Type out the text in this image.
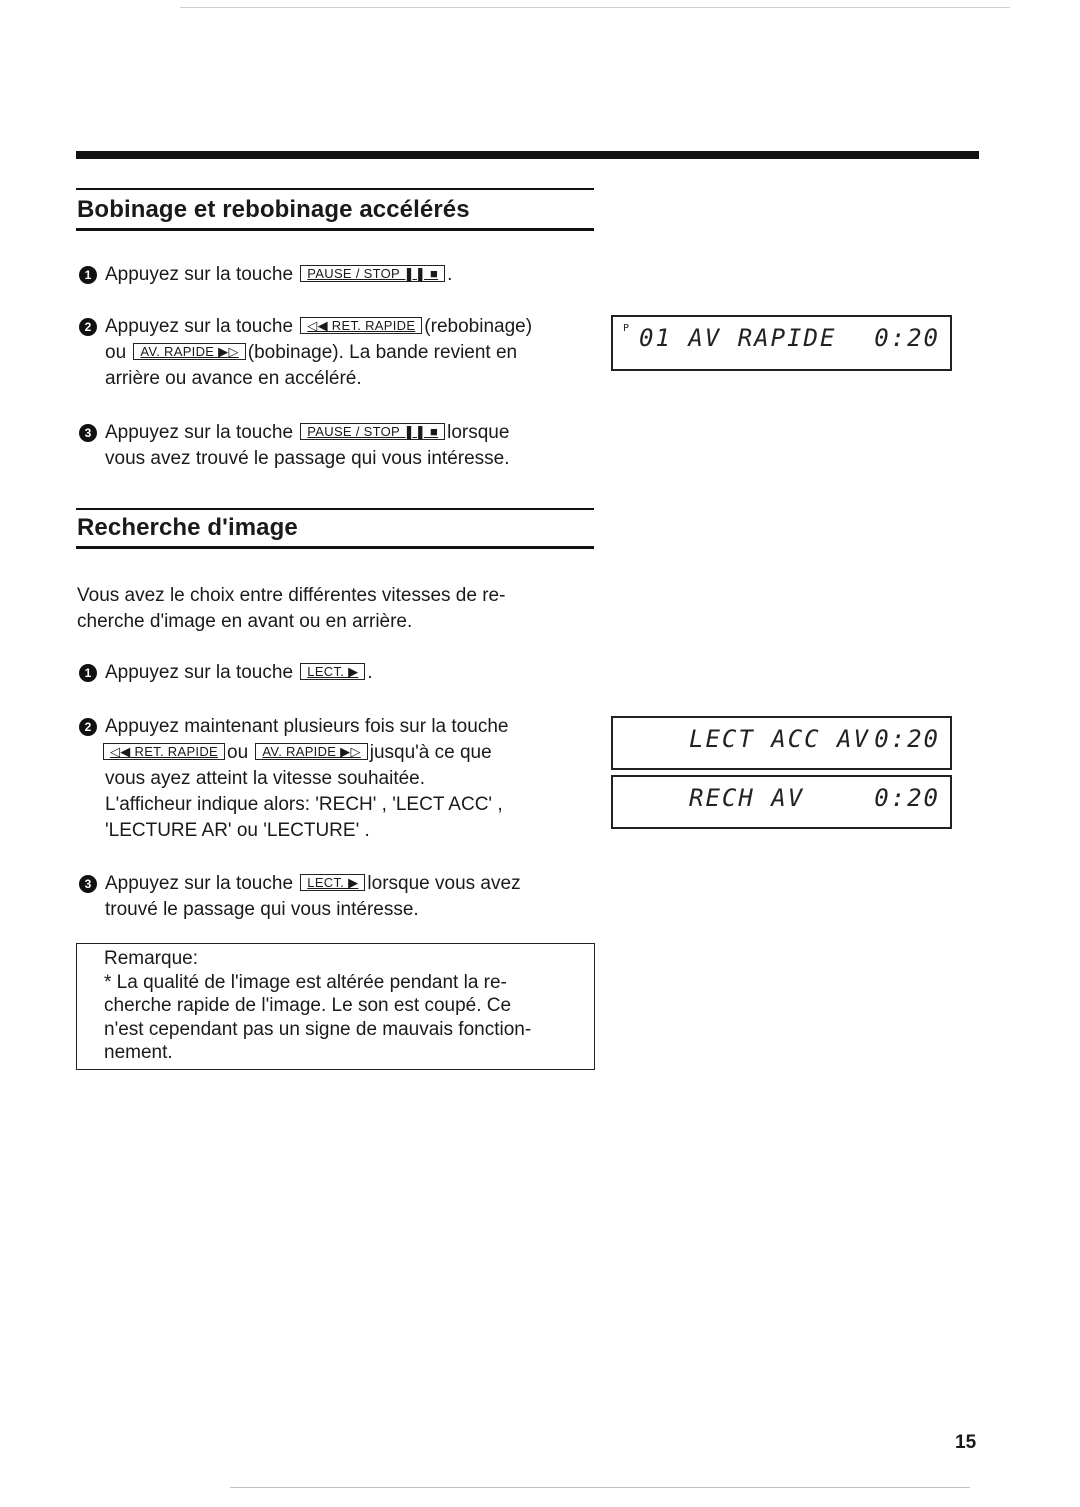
Bobinage et rebobinage accélérés
1 Appuyez sur la touche PAUSE / STOP ❚❚ ■ .
2 Appuyez sur la touche ◁◀ RET. RAPIDE (rebobinage)
ou AV. RAPIDE ▶▷ (bobinage). La bande revient en
arrière ou avance en accéléré.
3 Appuyez sur la touche PAUSE / STOP ❚❚ ■ lorsque
vous avez trouvé le passage qui vous intéresse.
Recherche d'image
Vous avez le choix entre différentes vitesses de re-
cherche d'image en avant ou en arrière.
1 Appuyez sur la touche LECT. ▶ .
2 Appuyez maintenant plusieurs fois sur la touche
◁◀ RET. RAPIDE ou AV. RAPIDE ▶▷ jusqu'à ce que
vous ayez atteint la vitesse souhaitée.
L'afficheur indique alors: 'RECH' , 'LECT ACC' ,
'LECTURE AR' ou 'LECTURE' .
3 Appuyez sur la touche LECT. ▶ lorsque vous avez
trouvé le passage qui vous intéresse.
Remarque:
* La qualité de l'image est altérée pendant la re-
cherche rapide de l'image. Le son est coupé. Ce
n'est cependant pas un signe de mauvais fonction-
nement.
P 01 AV RAPIDE 0:20
LECT ACC AV 0:20
RECH AV	0:20
15
